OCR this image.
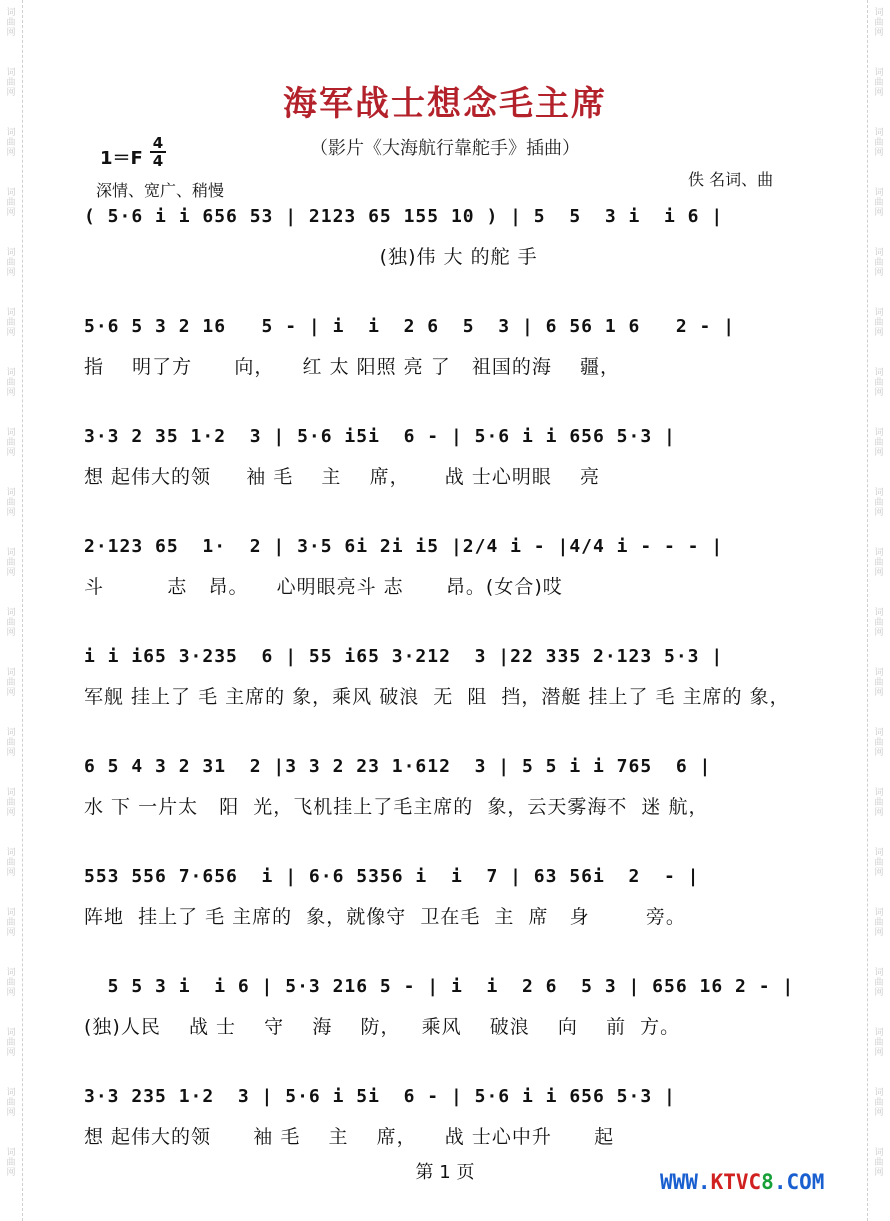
词曲网
词曲网
词曲网
词曲网
词曲网
词曲网
词曲网
词曲网
词曲网
词曲网
词曲网
词曲网
词曲网
词曲网
词曲网
词曲网
词曲网
词曲网
词曲网
词曲网
词曲网
词曲网
词曲网
词曲网
词曲网
词曲网
词曲网
词曲网
词曲网
词曲网
词曲网
词曲网
词曲网
词曲网
词曲网
词曲网
词曲网
词曲网
词曲网
词曲网
海军战士想念毛主席
（影片《大海航行靠舵手》插曲）
1＝F
4
4
深情、宽广、稍慢
佚 名词、曲
( 5·6 i i 656 53 | 2123 65 155 10 ) | 5  5  3 i  i 6 |
(独)伟 大 的舵 手
5·6 5 3 2 16   5 - | i  i  2 6  5  3 | 6 56 1 6   2 - |
指    明了方      向，    红 太 阳照 亮 了   祖国的海    疆，
3·3 2 35 1·2  3 | 5·6 i5i  6 - | 5·6 i i 656 5·3 |
想 起伟大的领     袖 毛    主    席，     战 士心明眼    亮
2·123 65  1·  2 | 3·5 6i 2i i5 |2/4 i - |4/4 i - - - |
斗         志   昂。    心明眼亮斗 志      昂。(女合)哎
i i i65 3·235  6 | 55 i65 3·212  3 |22 335 2·123 5·3 |
军舰 挂上了 毛 主席的 象，乘风 破浪  无  阻  挡，潜艇 挂上了 毛 主席的 象，
6 5 4 3 2 31  2 |3 3 2 23 1·612  3 | 5 5 i i 765  6 |
水 下 一片太   阳  光，飞机挂上了毛主席的  象，云天雾海不  迷 航，
553 556 7·656  i | 6·6 5356 i  i  7 | 63 56i  2  - |
阵地  挂上了 毛 主席的  象，就像守  卫在毛  主  席   身        旁。
5 5 3 i  i 6 | 5·3 216 5 - | i  i  2 6  5 3 | 656 16 2 - |
(独)人民    战 士    守    海    防，   乘风    破浪    向    前  方。
3·3 235 1·2  3 | 5·6 i 5i  6 - | 5·6 i i 656 5·3 |
想 起伟大的领      袖 毛    主    席，    战 士心中升      起
第 1 页	WWW.KTVC8.COM
